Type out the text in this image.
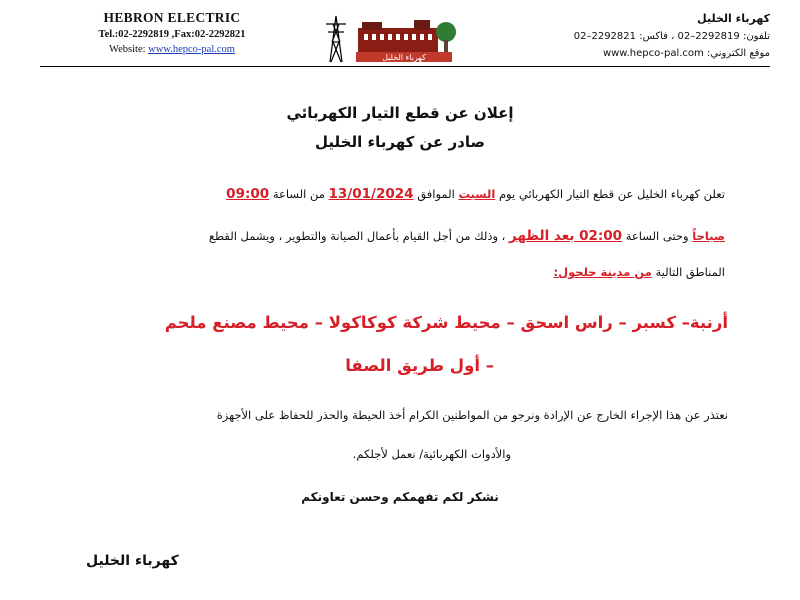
HEBRON ELECTRIC
Tel.:02-2292819 ,Fax:02-2292821
Website: www.hepco-pal.com
كهرباء الخليل
كهرباء الخليل
تلفون: 2292819–02 ، فاكس: 2292821–02
موقع الكتروني: www.hepco-pal.com
إعلان عن قطع التيار الكهربائي
صادر عن كهرباء الخليل
تعلن كهرباء الخليل عن قطع التيار الكهربائي يوم السبت الموافق 13/01/2024 من الساعة 09:00
صباحاً وحتى الساعة 02:00 بعد الظهر ، وذلك من أجل القيام بأعمال الصيانة والتطوير ، ويشمل القطع
المناطق التالية من مدينة حلحول:
أرنبة– كسبر – راس اسحق – محيط شركة كوكاكولا – محيط مصنع ملحم
– أول طريق الصفا
نعتذر عن هذا الإجراء الخارج عن الإرادة ونرجو من المواطنين الكرام أخذ الحيطة والحذر للحفاظ على الأجهزة
والأدوات الكهربائية/ نعمل لأجلكم.
نشكر لكم تفهمكم وحسن تعاونكم
كهرباء الخليل
